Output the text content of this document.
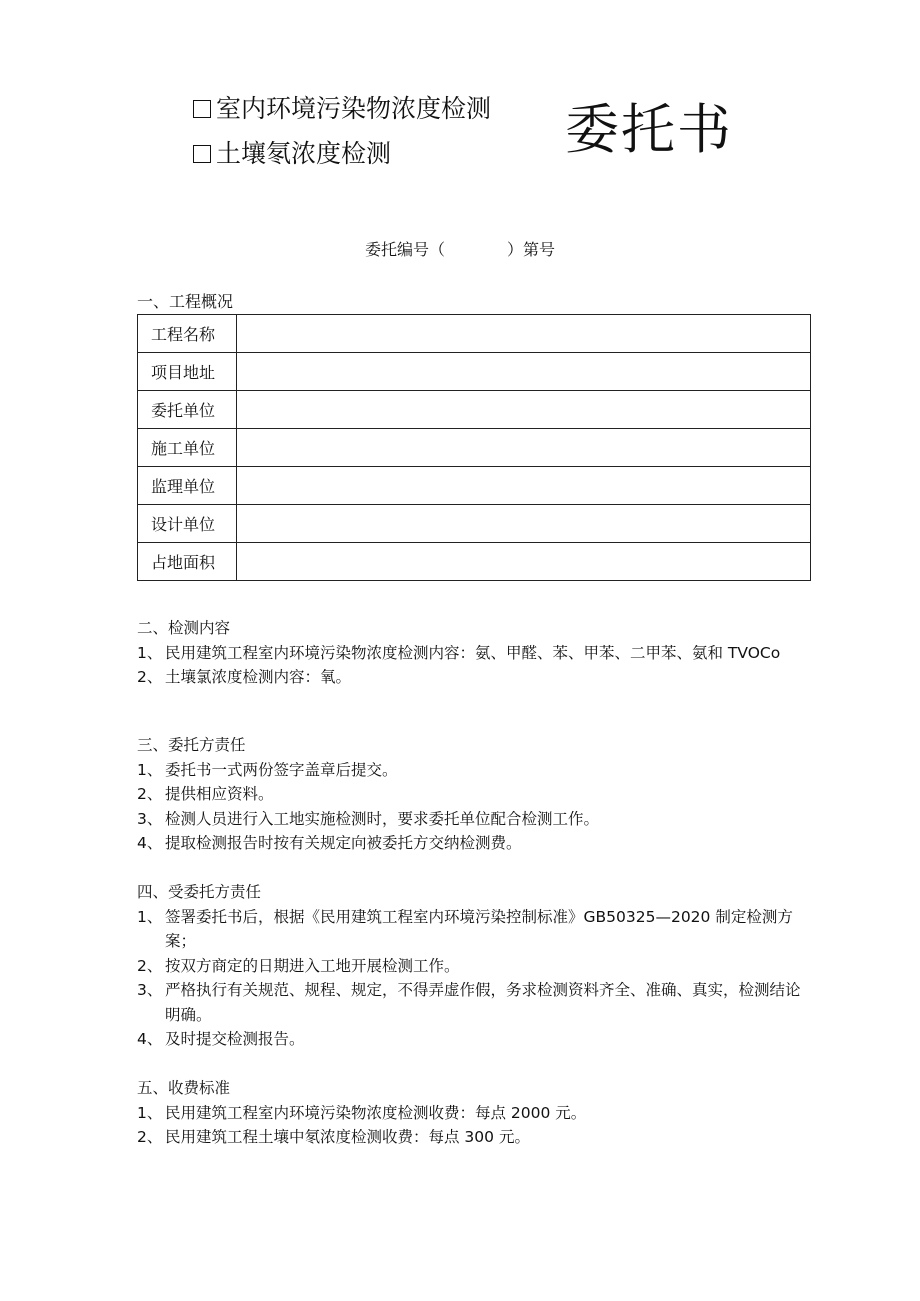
室内环境污染物浓度检测
土壤氡浓度检测	委托书
委托编号（	）第号
一、工程概况
工程名称	
项目地址	
委托单位	
施工单位	
监理单位	
设计单位	
占地面积	
二、检测内容
1、 民用建筑工程室内环境污染物浓度检测内容：氨、甲醛、苯、甲苯、二甲苯、氨和 TVOCo
2、 土壤氯浓度检测内容：氧。
三、委托方责任
1、 委托书一式两份签字盖章后提交。
2、 提供相应资料。
3、 检测人员进行入工地实施检测时，要求委托单位配合检测工作。
4、 提取检测报告时按有关规定向被委托方交纳检测费。
四、受委托方责任
1、 签署委托书后，根据《民用建筑工程室内环境污染控制标准》GB50325—2020 制定检测方案；
2、 按双方商定的日期进入工地开展检测工作。
3、 严格执行有关规范、规程、规定，不得弄虚作假，务求检测资料齐全、准确、真实，检测结论明确。
4、 及时提交检测报告。
五、收费标准
1、 民用建筑工程室内环境污染物浓度检测收费：每点 2000 元。
2、 民用建筑工程土壤中氡浓度检测收费：每点 300 元。
